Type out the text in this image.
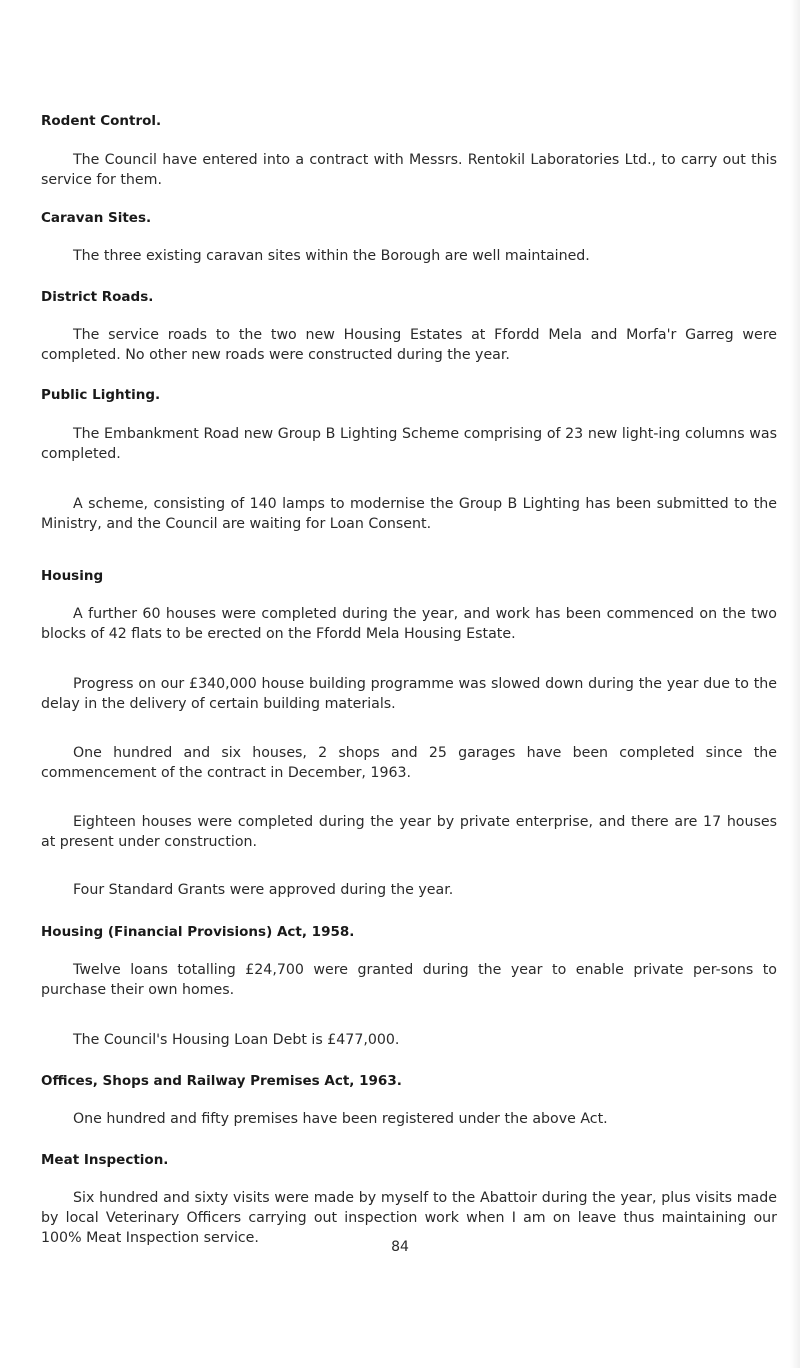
Rodent Control.
The Council have entered into a contract with Messrs. Rentokil Laboratories Ltd., to carry out this service for them.
Caravan Sites.
The three existing caravan sites within the Borough are well maintained.
District Roads.
The service roads to the two new Housing Estates at Ffordd Mela and Morfa'r Garreg were completed. No other new roads were constructed during the year.
Public Lighting.
The Embankment Road new Group B Lighting Scheme comprising of 23 new light-ing columns was completed.
A scheme, consisting of 140 lamps to modernise the Group B Lighting has been submitted to the Ministry, and the Council are waiting for Loan Consent.
Housing
A further 60 houses were completed during the year, and work has been commenced on the two blocks of 42 flats to be erected on the Ffordd Mela Housing Estate.
Progress on our £340,000 house building programme was slowed down during the year due to the delay in the delivery of certain building materials.
One hundred and six houses, 2 shops and 25 garages have been completed since the commencement of the contract in December, 1963.
Eighteen houses were completed during the year by private enterprise, and there are 17 houses at present under construction.
Four Standard Grants were approved during the year.
Housing (Financial Provisions) Act, 1958.
Twelve loans totalling £24,700 were granted during the year to enable private per-sons to purchase their own homes.
The Council's Housing Loan Debt is £477,000.
Offices, Shops and Railway Premises Act, 1963.
One hundred and fifty premises have been registered under the above Act.
Meat Inspection.
Six hundred and sixty visits were made by myself to the Abattoir during the year, plus visits made by local Veterinary Officers carrying out inspection work when I am on leave thus maintaining our 100% Meat Inspection service.
84
